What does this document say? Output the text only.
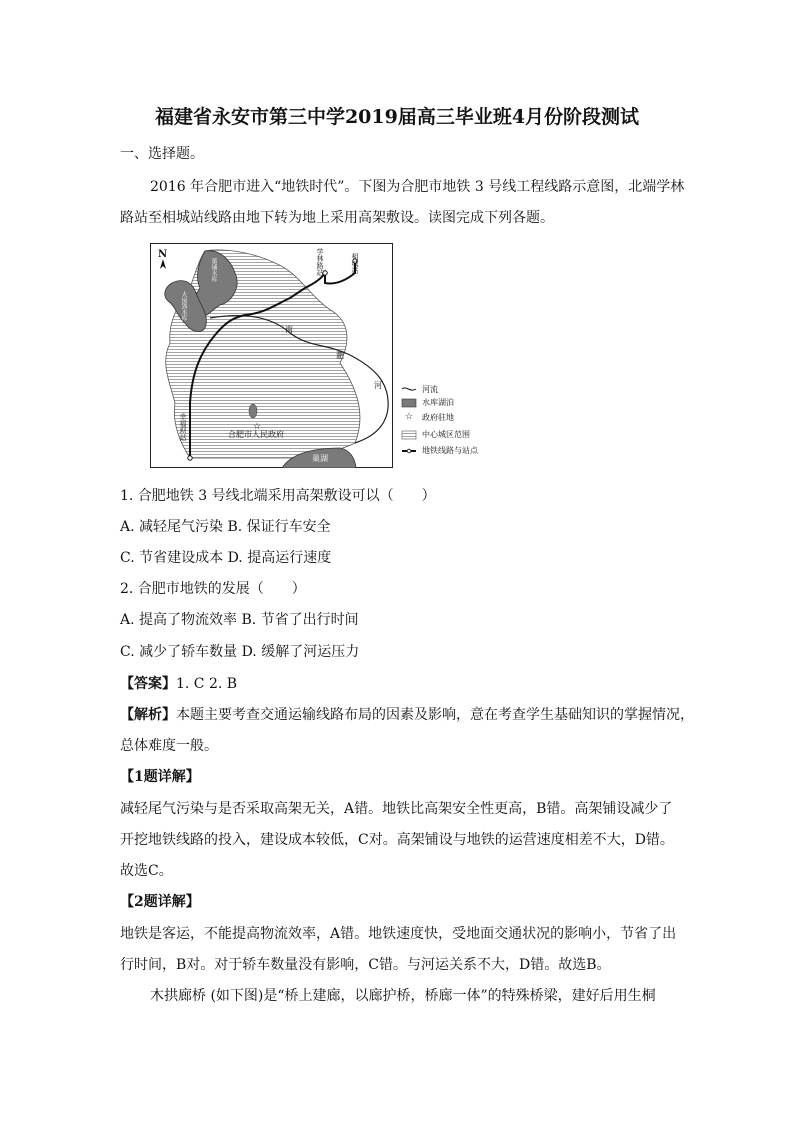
福建省永安市第三中学2019届高三毕业班4月份阶段测试
一、选择题。
2016 年合肥市进入“地铁时代”。下图为合肥市地铁 3 号线工程线路示意图，北端学林
路站至相城站线路由地下转为地上采用高架敷设。读图完成下列各题。
☆
☆
N	学林路站	相城站
幸福坝站	合肥市人民政府
南
淝
河
巢湖
董铺水库
大房郢水库
河流
水库湖泊
政府驻地
中心城区范围
地铁线路与站点
1. 合肥地铁 3 号线北端采用高架敷设可以（　　）
A. 减轻尾气污染 B. 保证行车安全
C. 节省建设成本 D. 提高运行速度
2. 合肥市地铁的发展（　　）
A. 提高了物流效率 B. 节省了出行时间
C. 减少了轿车数量 D. 缓解了河运压力
【答案】1. C 2. B
【解析】本题主要考查交通运输线路布局的因素及影响，意在考查学生基础知识的掌握情况，
总体难度一般。
【1题详解】
减轻尾气污染与是否采取高架无关，A错。地铁比高架安全性更高，B错。高架铺设减少了
开挖地铁线路的投入，建设成本较低，C对。高架铺设与地铁的运营速度相差不大，D错。
故选C。
【2题详解】
地铁是客运，不能提高物流效率，A错。地铁速度快，受地面交通状况的影响小，节省了出
行时间，B对。对于轿车数量没有影响，C错。与河运关系不大，D错。故选B。
木拱廊桥 (如下图)是“桥上建廊，以廊护桥，桥廊一体”的特殊桥梁，建好后用生桐
